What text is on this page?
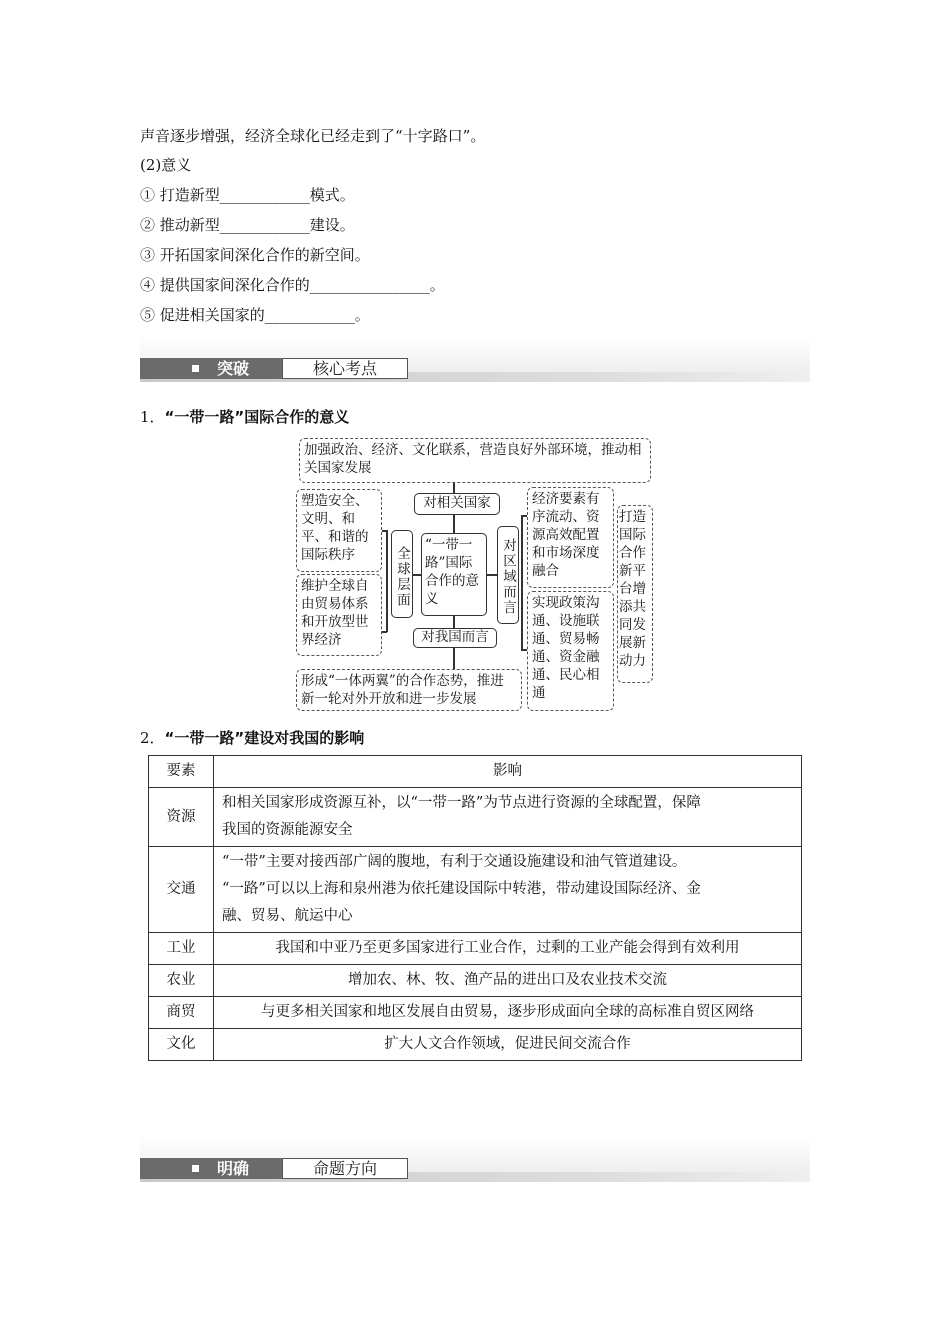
声音逐步增强，经济全球化已经走到了“十字路口”。
(2)意义
① 打造新型____________模式。
② 推动新型____________建设。
③ 开拓国家间深化合作的新空间。
④ 提供国家间深化合作的________________。
⑤ 促进相关国家的____________。
突破	核心考点
1．“一带一路”国际合作的意义
加强政治、经济、文化联系，营造良好外部环境，推动相关国家发展
对相关国家
“一带一路”国际合作的意义
全球层面	对区域而言
对我国而言
塑造安全、文明、和平、和谐的国际秩序
维护全球自由贸易体系和开放型世界经济
经济要素有序流动、资源高效配置和市场深度融合
实现政策沟通、设施联通、贸易畅通、资金融通、民心相通
打造国际合作新平台增添共同发展新动力
形成“一体两翼”的合作态势，推进新一轮对外开放和进一步发展
2．“一带一路”建设对我国的影响
要素	影响
资源	和相关国家形成资源互补，以“一带一路”为节点进行资源的全球配置，保障
我国的资源能源安全

交通	“一带”主要对接西部广阔的腹地，有利于交通设施建设和油气管道建设。
“一路”可以以上海和泉州港为依托建设国际中转港，带动建设国际经济、金
融、贸易、航运中心

工业	我国和中亚乃至更多国家进行工业合作，过剩的工业产能会得到有效利用
农业	增加农、林、牧、渔产品的进出口及农业技术交流
商贸	与更多相关国家和地区发展自由贸易，逐步形成面向全球的高标准自贸区网络
文化	扩大人文合作领域，促进民间交流合作
明确	命题方向
